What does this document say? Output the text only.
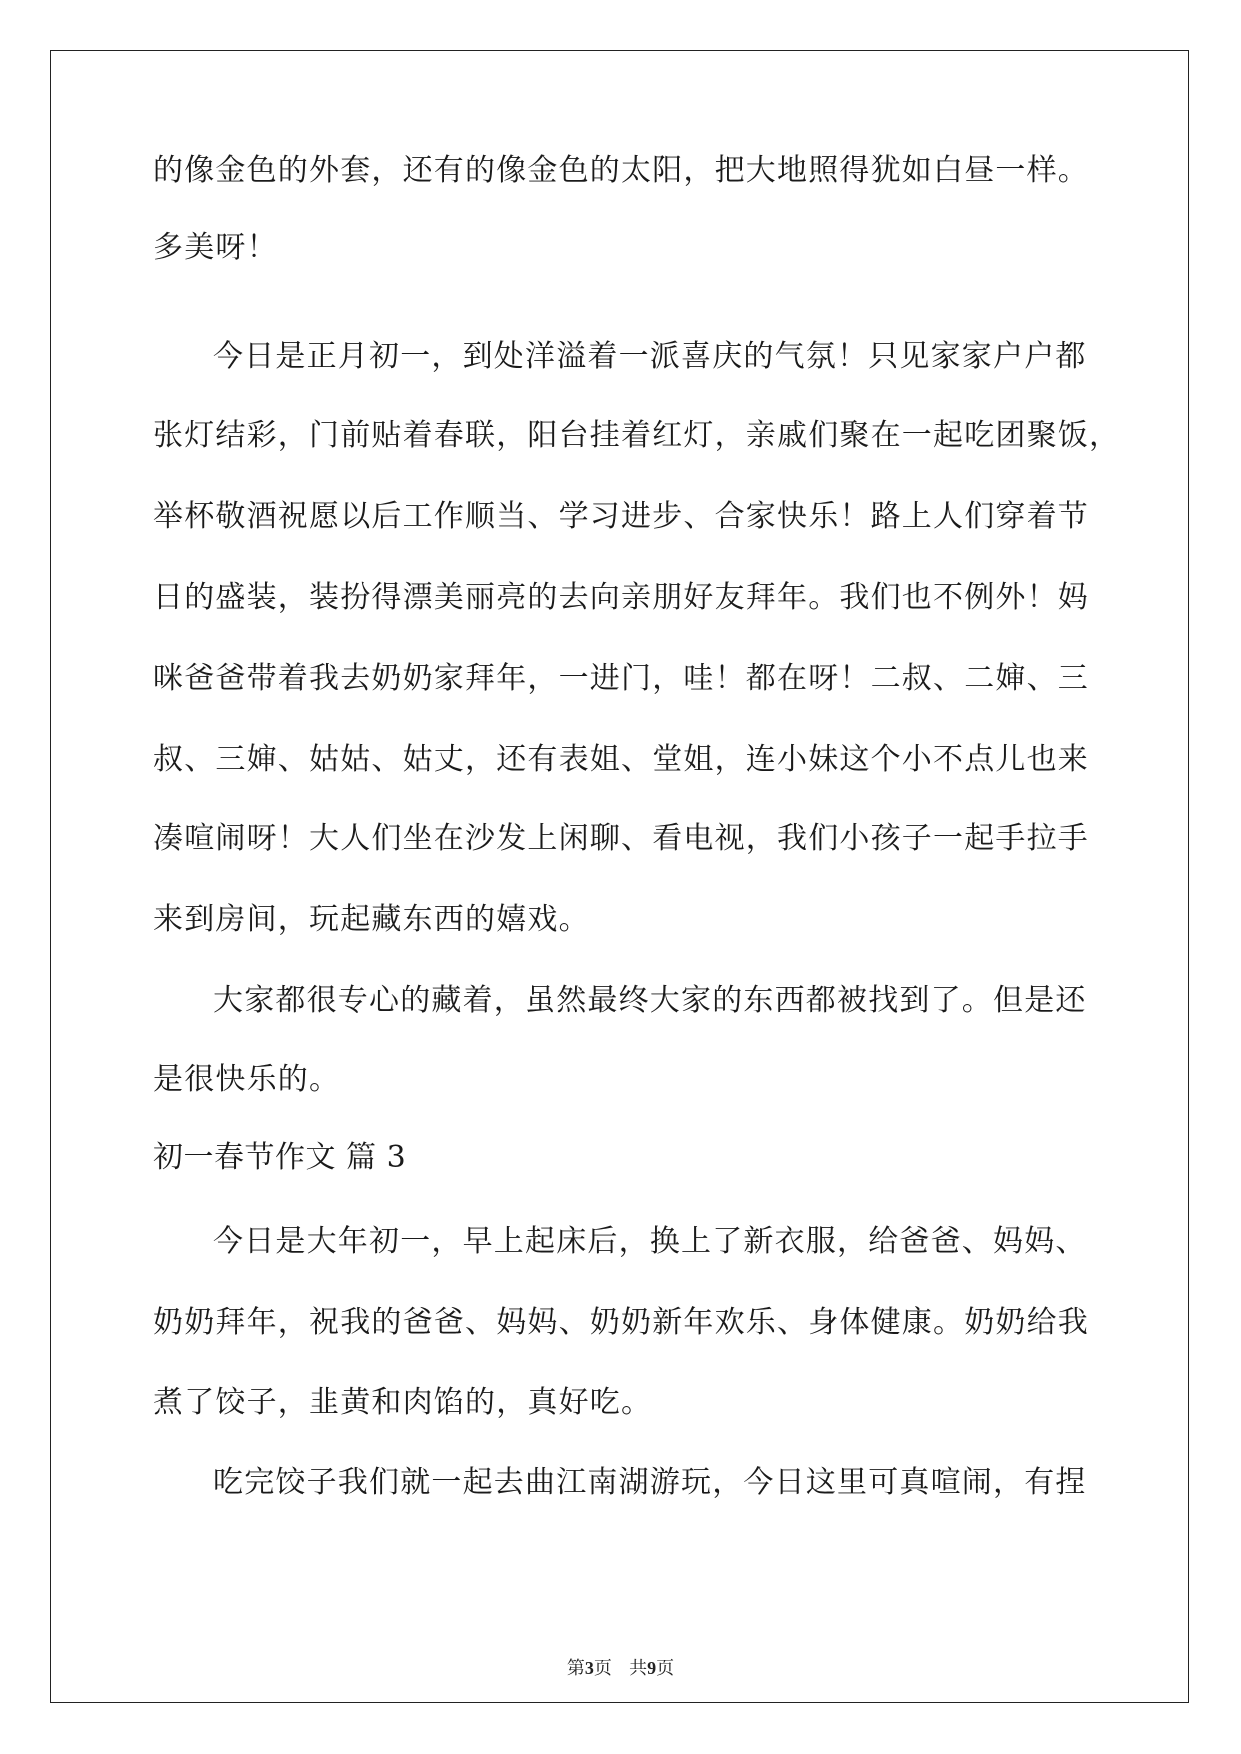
的像金色的外套，还有的像金色的太阳，把大地照得犹如白昼一样。
多美呀！
今日是正月初一，到处洋溢着一派喜庆的气氛！只见家家户户都
张灯结彩，门前贴着春联，阳台挂着红灯，亲戚们聚在一起吃团聚饭，
举杯敬酒祝愿以后工作顺当、学习进步、合家快乐！路上人们穿着节
日的盛装，装扮得漂美丽亮的去向亲朋好友拜年。我们也不例外！妈
咪爸爸带着我去奶奶家拜年，一进门，哇！都在呀！二叔、二婶、三
叔、三婶、姑姑、姑丈，还有表姐、堂姐，连小妹这个小不点儿也来
凑喧闹呀！大人们坐在沙发上闲聊、看电视，我们小孩子一起手拉手
来到房间，玩起藏东西的嬉戏。
大家都很专心的藏着，虽然最终大家的东西都被找到了。但是还
是很快乐的。
初一春节作文 篇 3
今日是大年初一，早上起床后，换上了新衣服，给爸爸、妈妈、
奶奶拜年，祝我的爸爸、妈妈、奶奶新年欢乐、身体健康。奶奶给我
煮了饺子，韭黄和肉馅的，真好吃。
吃完饺子我们就一起去曲江南湖游玩，今日这里可真喧闹，有捏
第3页 共9页
